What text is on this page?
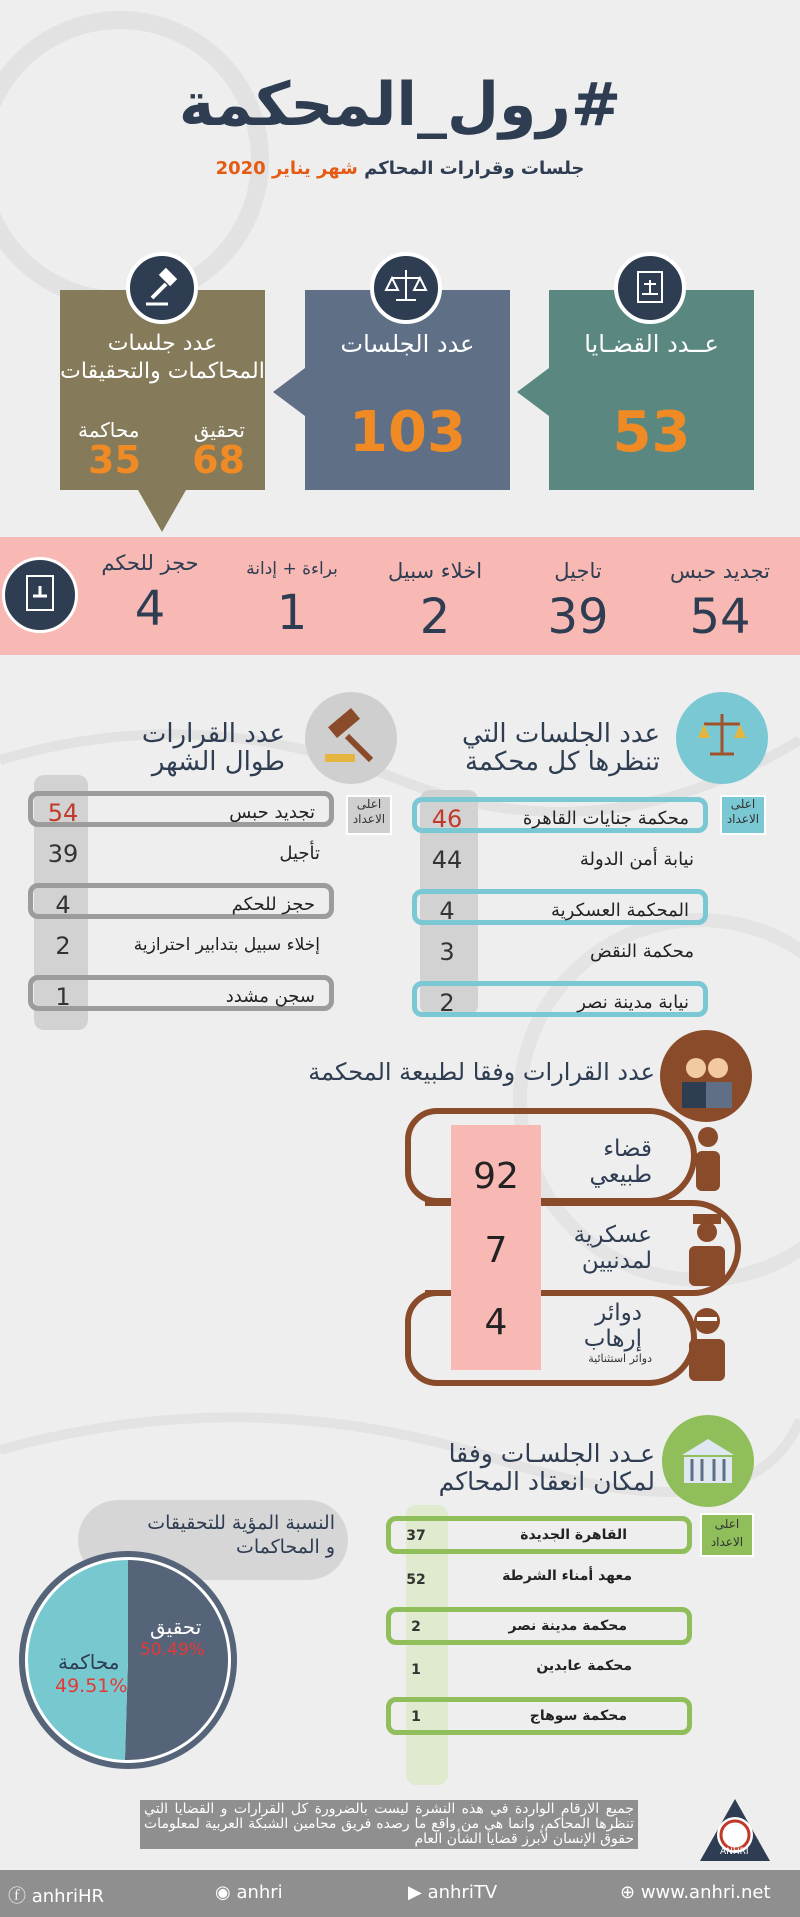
#رول_المحكمة
جلسات وقرارات المحاكم شهر يناير 2020
عــدد القضـايا
53
عدد الجلسات
103
عدد جلسات المحاكمات والتحقيقات
تحقيق
68
محاكمة
35
تجديد حبس
54
تاجيل
39
اخلاء سبيل
2
براءة + إدانة
1
حجز للحكم
4
اعلى الاعداد
عدد الجلسات التي
تنظرها كل محكمة
محكمة جنايات القاهرة
46
نيابة أمن الدولة
44
المحكمة العسكرية
4
محكمة النقض
3
نيابة مدينة نصر
2
اعلى الاعداد
عدد القرارات
طوال الشهر
تجديد حبس
54
تأجيل
39
حجز للحكم
4
إخلاء سبيل بتدابير احترازية
2
سجن مشدد
1
عدد القرارات وفقا لطبيعة المحكمة
92
قضاء طبيعي
7	عسكرية لمدنيين
4	دوائر إرهاب
دوائر استثنائية
اعلى الاعداد
عـدد الجلسـات وفقا
لمكان انعقاد المحاكم
القاهرة الجديدة
37
معهد أمناء الشرطة
52
محكمة مدينة نصر
2
محكمة عابدين
1
محكمة سوهاج
1
النسبة المؤية للتحقيقات
و المحاكمات
تحقيق
50.49%
محاكمة
49.51%
جميع الارقام الواردة في هذه النشرة ليست بالضرورة كل القرارات و القضايا التي تنظرها المحاكم، وانما هي من واقع ما رصده فريق محامين الشبكة العربية لمعلومات حقوق الإنسان لأبرز قضايا الشأن العام
ANHRI
ⓕ anhriHR	◉ anhri	▶ anhriTV	⊕ www.anhri.net
